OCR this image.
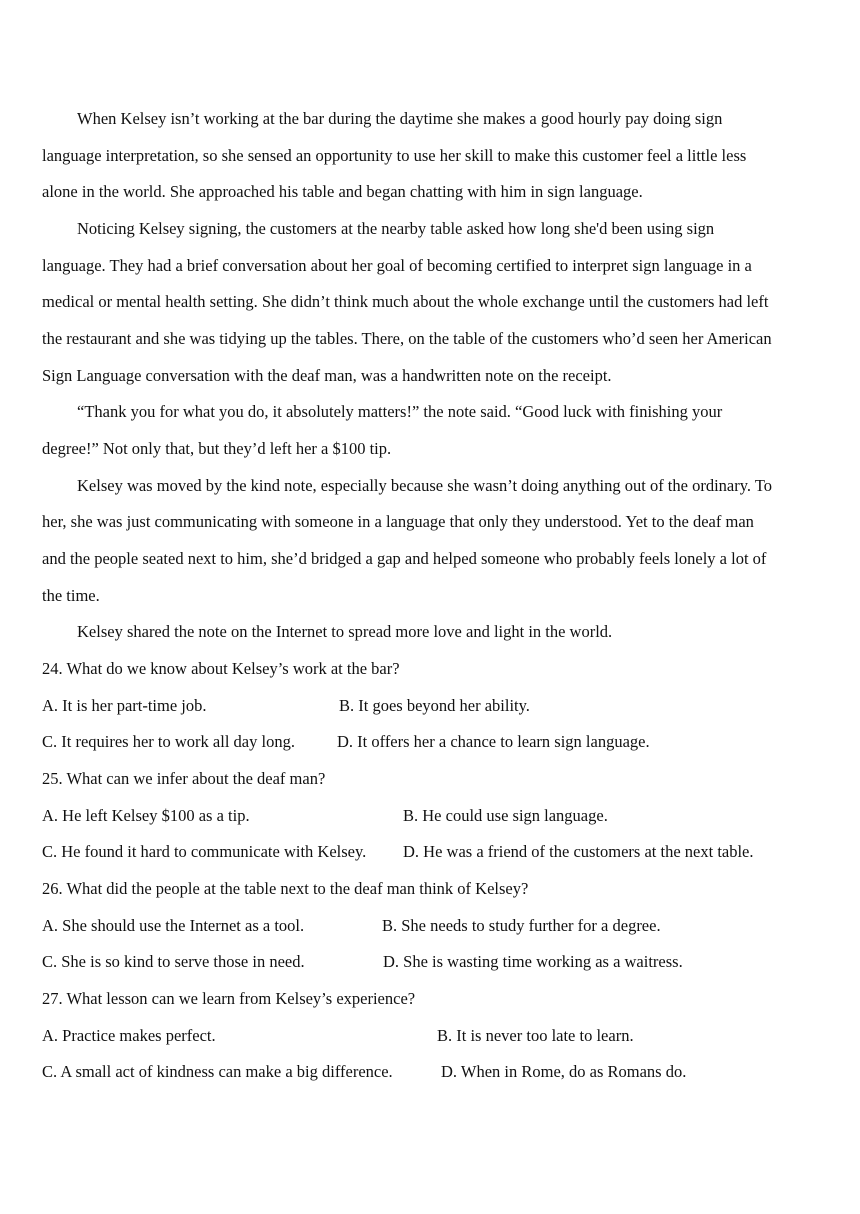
When Kelsey isn’t working at the bar during the daytime she makes a good hourly pay doing sign
language interpretation, so she sensed an opportunity to use her skill to make this customer feel a little less
alone in the world. She approached his table and began chatting with him in sign language.
Noticing Kelsey signing, the customers at the nearby table asked how long she'd been using sign
language. They had a brief conversation about her goal of becoming certified to interpret sign language in a
medical or mental health setting. She didn’t think much about the whole exchange until the customers had left
the restaurant and she was tidying up the tables. There, on the table of the customers who’d seen her American
Sign Language conversation with the deaf man, was a handwritten note on the receipt.
“Thank you for what you do, it absolutely matters!” the note said. “Good luck with finishing your
degree!” Not only that, but they’d left her a $100 tip.
Kelsey was moved by the kind note, especially because she wasn’t doing anything out of the ordinary. To
her, she was just communicating with someone in a language that only they understood. Yet to the deaf man
and the people seated next to him, she’d bridged a gap and helped someone who probably feels lonely a lot of
the time.
Kelsey shared the note on the Internet to spread more love and light in the world.
24. What do we know about Kelsey’s work at the bar?
A. It is her part-time job.	B. It goes beyond her ability.
C. It requires her to work all day long.	D. It offers her a chance to learn sign language.
25. What can we infer about the deaf man?
A. He left Kelsey $100 as a tip.	B. He could use sign language.
C. He found it hard to communicate with Kelsey. D. He was a friend of the customers at the next table.
26. What did the people at the table next to the deaf man think of Kelsey?
A. She should use the Internet as a tool.	B. She needs to study further for a degree.
C. She is so kind to serve those in need.	D. She is wasting time working as a waitress.
27. What lesson can we learn from Kelsey’s experience?
A. Practice makes perfect.	B. It is never too late to learn.
C. A small act of kindness can make a big difference.	D. When in Rome, do as Romans do.
